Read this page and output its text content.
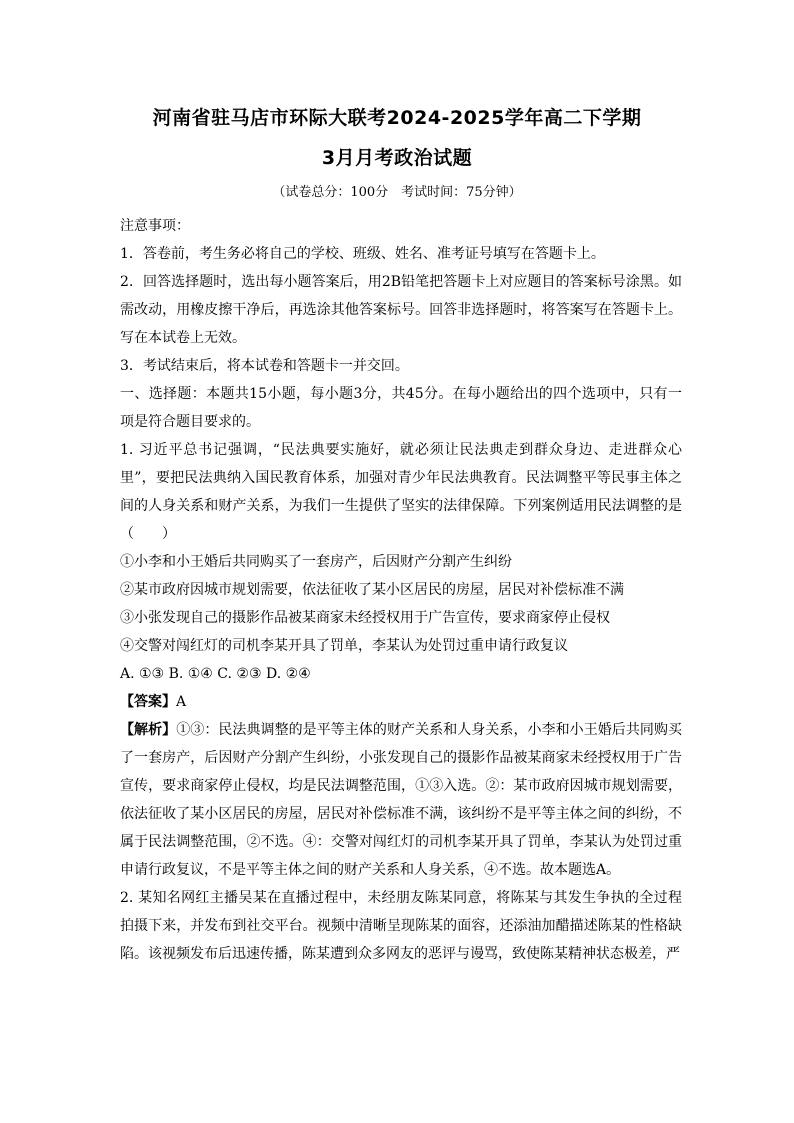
河南省驻马店市环际大联考2024-2025学年高二下学期
3月月考政治试题
（试卷总分：100分　考试时间：75分钟）

注意事项：

1．答卷前，考生务必将自己的学校、班级、姓名、准考证号填写在答题卡上。

2．回答选择题时，选出每小题答案后，用2B铅笔把答题卡上对应题目的答案标号涂黑。如需改动，用橡皮擦干净后，再选涂其他答案标号。回答非选择题时，将答案写在答题卡上。写在本试卷上无效。

3．考试结束后，将本试卷和答题卡一并交回。

一、选择题：本题共15小题，每小题3分，共45分。在每小题给出的四个选项中，只有一项是符合题目要求的。

1. 习近平总书记强调，“民法典要实施好，就必须让民法典走到群众身边、走进群众心里”，要把民法典纳入国民教育体系，加强对青少年民法典教育。民法调整平等民事主体之间的人身关系和财产关系，为我们一生提供了坚实的法律保障。下列案例适用民法调整的是（　　）

①小李和小王婚后共同购买了一套房产，后因财产分割产生纠纷

②某市政府因城市规划需要，依法征收了某小区居民的房屋，居民对补偿标准不满

③小张发现自己的摄影作品被某商家未经授权用于广告宣传，要求商家停止侵权

④交警对闯红灯的司机李某开具了罚单，李某认为处罚过重申请行政复议

A. ①③ B. ①④ C. ②③ D. ②④

【答案】A

【解析】①③：民法典调整的是平等主体的财产关系和人身关系，小李和小王婚后共同购买了一套房产，后因财产分割产生纠纷，小张发现自己的摄影作品被某商家未经授权用于广告宣传，要求商家停止侵权，均是民法调整范围，①③入选。②：某市政府因城市规划需要，依法征收了某小区居民的房屋，居民对补偿标准不满，该纠纷不是平等主体之间的纠纷，不属于民法调整范围，②不选。④：交警对闯红灯的司机李某开具了罚单，李某认为处罚过重申请行政复议，不是平等主体之间的财产关系和人身关系，④不选。故本题选A。

2. 某知名网红主播吴某在直播过程中，未经朋友陈某同意，将陈某与其发生争执的全过程拍摄下来，并发布到社交平台。视频中清晰呈现陈某的面容，还添油加醋描述陈某的性格缺陷。该视频发布后迅速传播，陈某遭到众多网友的恶评与谩骂，致使陈某精神状态极差，严
